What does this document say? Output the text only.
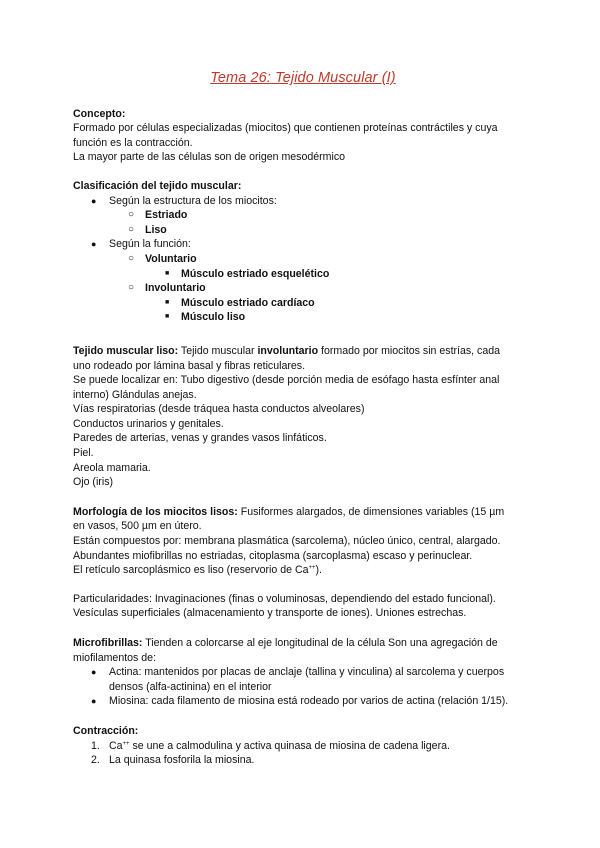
Tema 26: Tejido Muscular (I)

Concepto:

Formado por células especializadas (miocitos) que contienen proteínas contráctiles y cuya

función es la contracción.

La mayor parte de las células son de origen mesodérmico

Clasificación del tejido muscular:

● Según la estructura de los miocitos:
○ Estriado
○ Liso
● Según la función:
○ Voluntario
■ Músculo estriado esquelético
○ Involuntario
■ Músculo estriado cardíaco
■ Músculo liso

Tejido muscular liso: Tejido muscular involuntario formado por miocitos sin estrías, cada

uno rodeado por lámina basal y fibras reticulares.

Se puede localizar en: Tubo digestivo (desde porción media de esófago hasta esfínter anal

interno) Glándulas anejas.

Vías respiratorias (desde tráquea hasta conductos alveolares)

Conductos urinarios y genitales.

Paredes de arterias, venas y grandes vasos linfáticos.

Piel.

Areola mamaria.

Ojo (iris)

Morfología de los miocitos lisos: Fusiformes alargados, de dimensiones variables (15 µm

en vasos, 500 µm en útero.

Están compuestos por: membrana plasmática (sarcolema), núcleo único, central, alargado.

Abundantes miofibrillas no estriadas, citoplasma (sarcoplasma) escaso y perinuclear.

El retículo sarcoplásmico es liso (reservorio de Ca++).

Particularidades: Invaginaciones (finas o voluminosas, dependiendo del estado funcional).

Vesículas superficiales (almacenamiento y transporte de iones). Uniones estrechas.

Microfibrillas: Tienden a colorcarse al eje longitudinal de la célula Son una agregación de

miofilamentos de:

● Actina: mantenidos por placas de anclaje (tallina y vinculina) al sarcolema y cuerpos
densos (alfa-actinina) en el interior
● Miosina: cada filamento de miosina está rodeado por varios de actina (relación 1/15).

Contracción:

1. Ca++ se une a calmodulina y activa quinasa de miosina de cadena ligera.
2. La quinasa fosforila la miosina.
